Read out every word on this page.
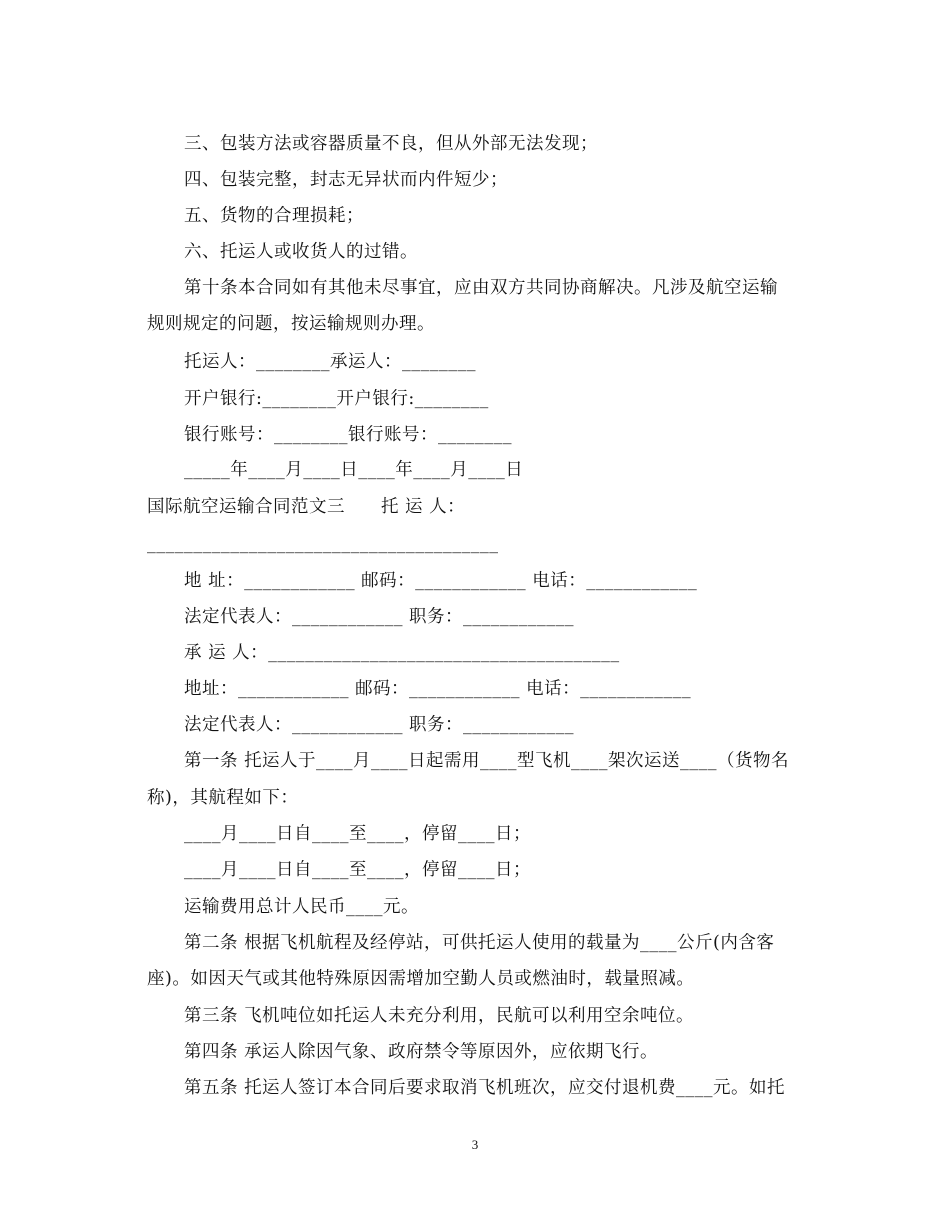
三、包装方法或容器质量不良，但从外部无法发现；
四、包装完整，封志无异状而内件短少；
五、货物的合理损耗；
六、托运人或收货人的过错。
第十条本合同如有其他未尽事宜，应由双方共同协商解决。凡涉及航空运输
规则规定的问题，按运输规则办理。
托运人：________承运人：________
开户银行:________开户银行:________
银行账号：________银行账号：________
_____年____月____日____年____月____日
国际航空运输合同范文三　　托 运 人：
______________________________________
地 址：____________ 邮码：____________ 电话：____________
法定代表人：____________ 职务：____________
承 运 人：______________________________________
地址：____________ 邮码：____________ 电话：____________
法定代表人：____________ 职务：____________
第一条 托运人于____月____日起需用____型飞机____架次运送____（货物名
称)，其航程如下：
____月____日自____至____，停留____日；
____月____日自____至____，停留____日；
运输费用总计人民币____元。
第二条 根据飞机航程及经停站，可供托运人使用的载量为____公斤(内含客
座)。如因天气或其他特殊原因需增加空勤人员或燃油时，载量照减。
第三条 飞机吨位如托运人未充分利用，民航可以利用空余吨位。
第四条 承运人除因气象、政府禁令等原因外，应依期飞行。
第五条 托运人签订本合同后要求取消飞机班次，应交付退机费____元。如托
3
